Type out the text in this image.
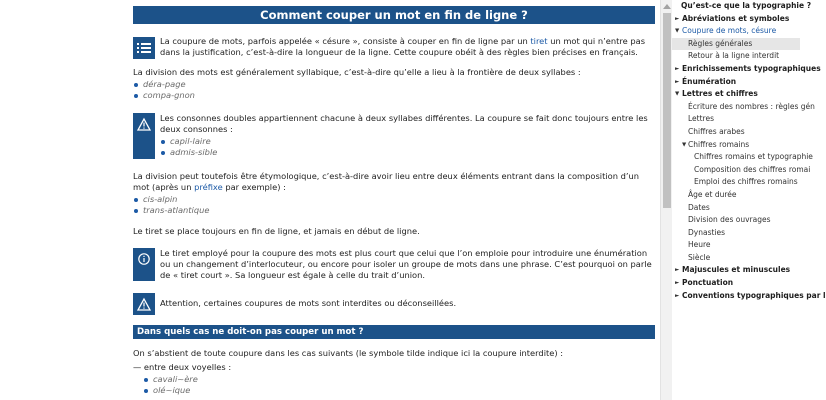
Comment couper un mot en fin de ligne ?

La coupure de mots, parfois appelée « césure », consiste à couper en fin de ligne par un tiret un mot qui n’entre pas dans la justification, c’est-à-dire la longueur de la ligne. Cette coupure obéit à des règles bien précises en français.

La division des mots est généralement syllabique, c’est-à-dire qu’elle a lieu à la frontière de deux syllabes :

déra-page
compa-gnon

Les consonnes doubles appartiennent chacune à deux syllabes différentes. La coupure se fait donc toujours entre les deux consonnes :

capil-laire
admis-sible

La division peut toutefois être étymologique, c’est-à-dire avoir lieu entre deux éléments entrant dans la composition d’un mot (après un préfixe par exemple) :

cis-alpin
trans-atlantique

Le tiret se place toujours en fin de ligne, et jamais en début de ligne.

Le tiret employé pour la coupure des mots est plus court que celui que l’on emploie pour introduire une énumération ou un changement d’interlocuteur, ou encore pour isoler un groupe de mots dans une phrase. C’est pourquoi on parle de « tiret court ». Sa longueur est égale à celle du trait d’union.

Attention, certaines coupures de mots sont interdites ou déconseillées.

Dans quels cas ne doit-on pas couper un mot ?

On s’abstient de toute coupure dans les cas suivants (le symbole tilde indique ici la coupure interdite) :

— entre deux voyelles :

cavali~ère
olé~ique
Qu’est-ce que la typographie ?
► Abréviations et symboles
▼ Coupure de mots, césure
Règles générales
Retour à la ligne interdit
► Enrichissements typographiques
► Énumération
▼ Lettres et chiffres
Écriture des nombres : règles gén
Lettres
Chiffres arabes
▼ Chiffres romains
Chiffres romains et typographie
Composition des chiffres romai
Emploi des chiffres romains
Âge et durée
Dates
Division des ouvrages
Dynasties
Heure
Siècle
► Majuscules et minuscules
► Ponctuation
► Conventions typographiques par l
